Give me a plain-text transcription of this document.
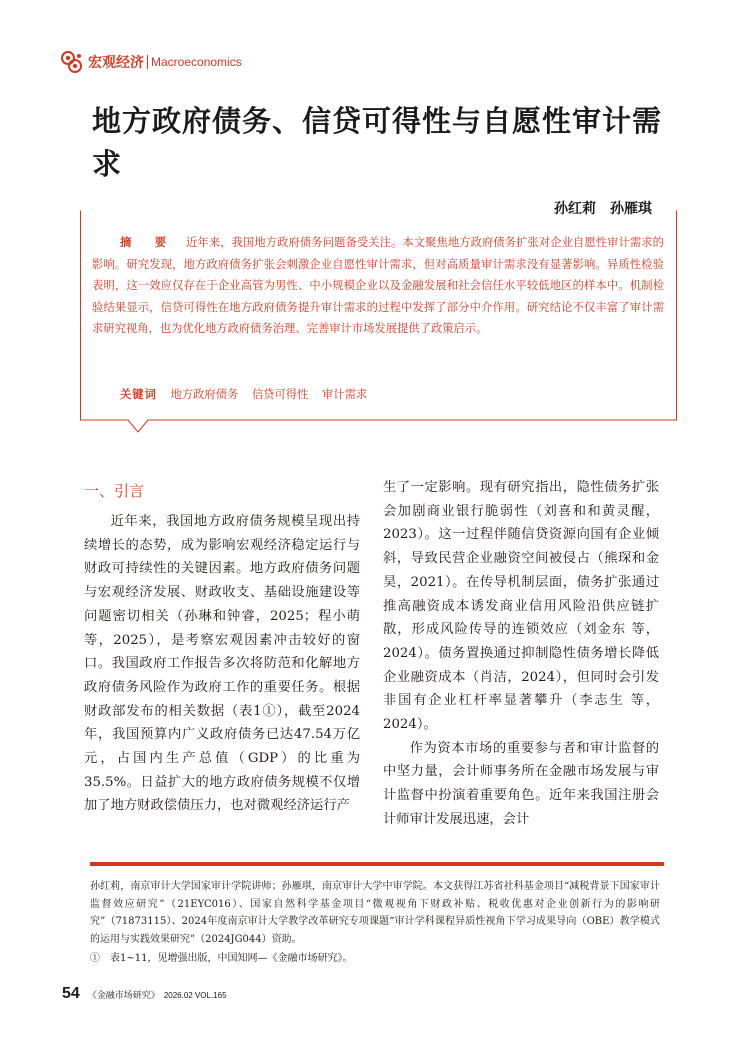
宏观经济 Macroeconomics
地方政府债务、信贷可得性与自愿性审计需求
孙红莉　孙雁琪
摘　要 近年来，我国地方政府债务问题备受关注。本文聚焦地方政府债务扩张对企业自愿性审计需求的影响。研究发现，地方政府债务扩张会刺激企业自愿性审计需求，但对高质量审计需求没有显著影响。异质性检验表明，这一效应仅存在于企业高管为男性、中小规模企业以及金融发展和社会信任水平较低地区的样本中。机制检验结果显示，信贷可得性在地方政府债务提升审计需求的过程中发挥了部分中介作用。研究结论不仅丰富了审计需求研究视角，也为优化地方政府债务治理、完善审计市场发展提供了政策启示。
关键词 地方政府债务 信贷可得性 审计需求
一、引言

近年来，我国地方政府债务规模呈现出持续增长的态势，成为影响宏观经济稳定运行与财政可持续性的关键因素。地方政府债务问题与宏观经济发展、财政收支、基础设施建设等问题密切相关（孙琳和钟睿，2025；程小萌 等，2025），是考察宏观因素冲击较好的窗口。我国政府工作报告多次将防范和化解地方政府债务风险作为政府工作的重要任务。根据财政部发布的相关数据（表1①），截至2024年，我国预算内广义政府债务已达47.54万亿元，占国内生产总值（GDP）的比重为35.5%。日益扩大的地方政府债务规模不仅增加了地方财政偿债压力，也对微观经济运行产

生了一定影响。现有研究指出，隐性债务扩张会加剧商业银行脆弱性（刘喜和和黄灵醒，2023）。这一过程伴随信贷资源向国有企业倾斜，导致民营企业融资空间被侵占（熊琛和金昊，2021）。在传导机制层面，债务扩张通过推高融资成本诱发商业信用风险沿供应链扩散，形成风险传导的连锁效应（刘金东 等，2024）。债务置换通过抑制隐性债务增长降低企业融资成本（肖洁，2024），但同时会引发非国有企业杠杆率显著攀升（李志生 等，2024）。

作为资本市场的重要参与者和审计监督的中坚力量，会计师事务所在金融市场发展与审计监督中扮演着重要角色。近年来我国注册会计师审计发展迅速，会计

孙红莉，南京审计大学国家审计学院讲师；孙雁琪，南京审计大学中审学院。本文获得江苏省社科基金项目“减税背景下国家审计监督效应研究”（21EYC016）、国家自然科学基金项目“微观视角下财政补贴、税收优惠对企业创新行为的影响研究”（71873115）、2024年度南京审计大学教学改革研究专项课题“审计学科课程异质性视角下学习成果导向（OBE）教学模式的运用与实践效果研究”（2024JG044）资助。

①　表1~11，见增强出版，中国知网—《金融市场研究》。

54 《金融市场研究》 2026.02 VOL.165
